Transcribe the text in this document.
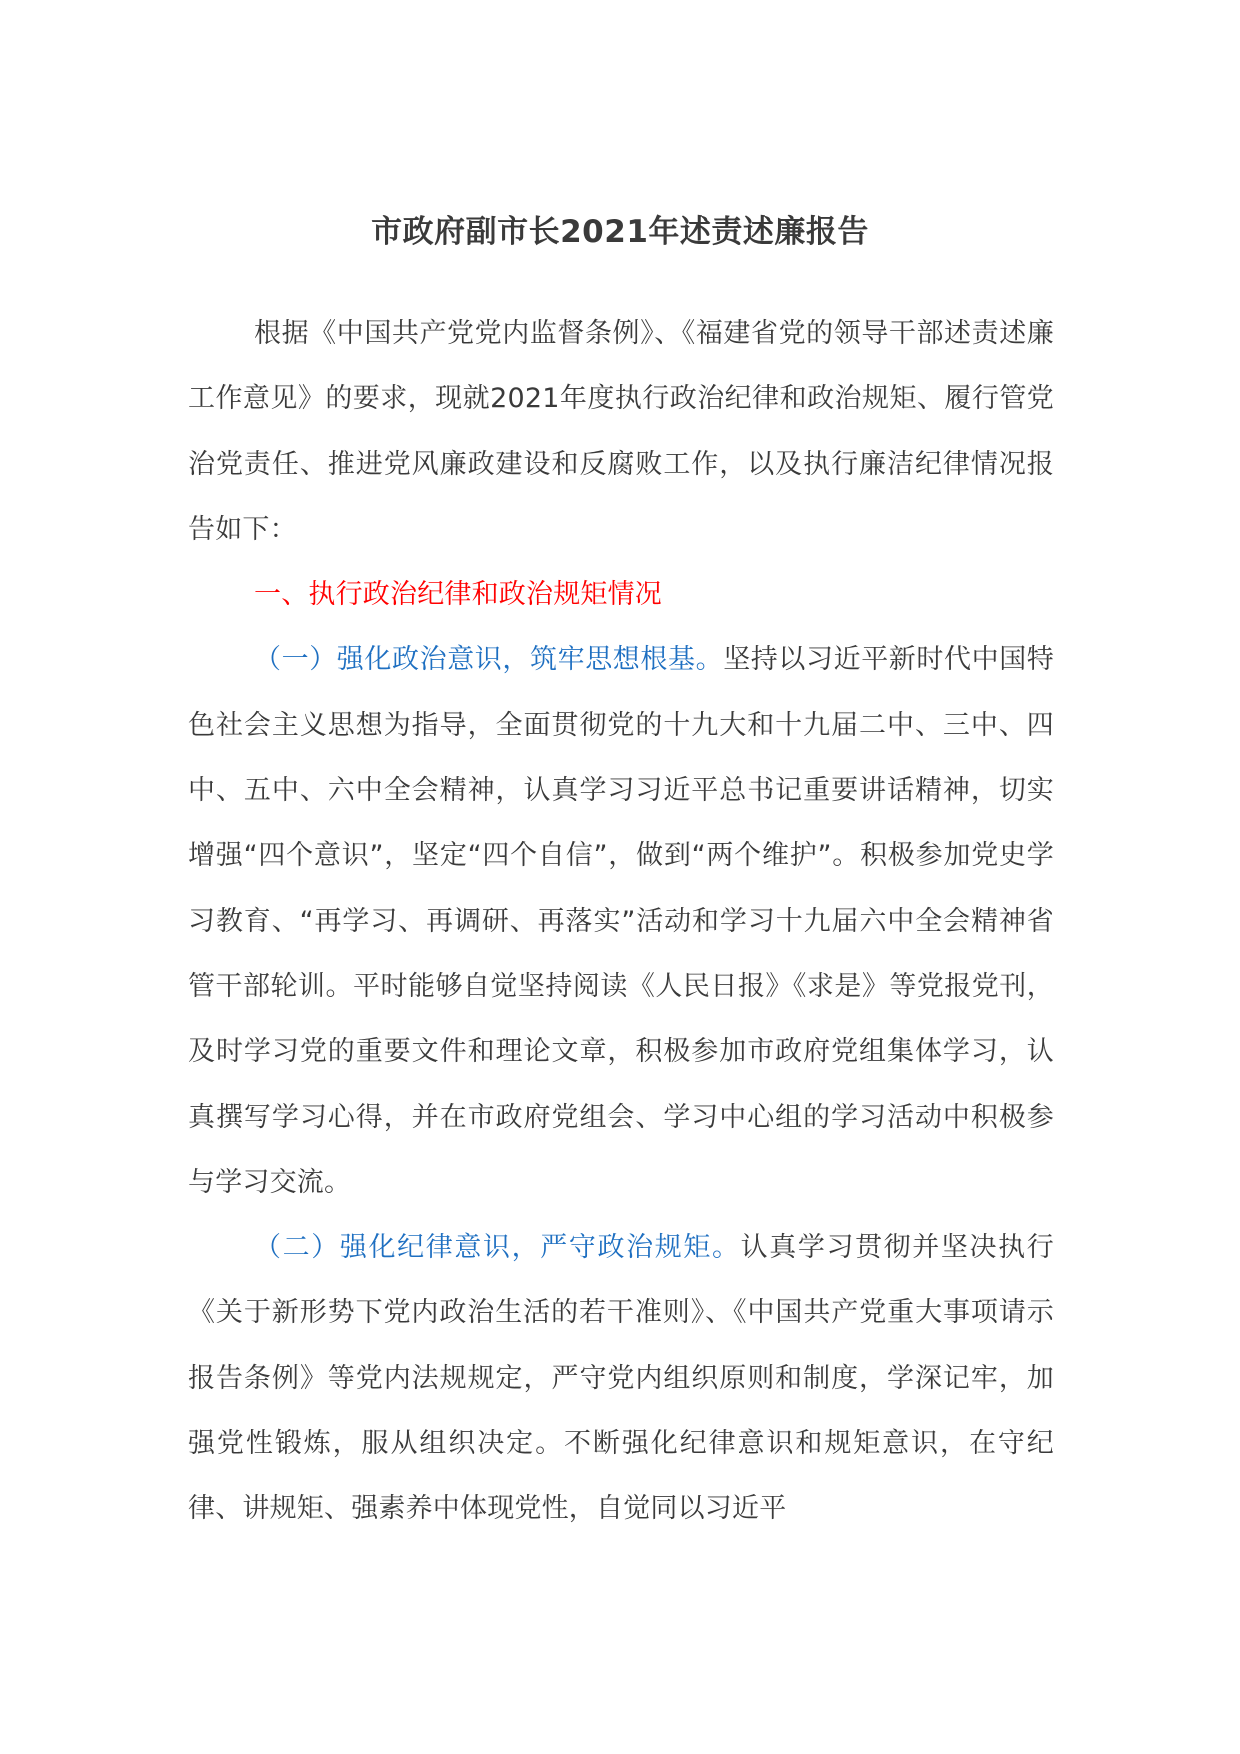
市政府副市长2021年述责述廉报告

根据《中国共产党党内监督条例》、《福建省党的领导干部述责述廉工作意见》的要求，现就2021年度执行政治纪律和政治规矩、履行管党治党责任、推进党风廉政建设和反腐败工作，以及执行廉洁纪律情况报告如下：

一、执行政治纪律和政治规矩情况

（一）强化政治意识，筑牢思想根基。坚持以习近平新时代中国特色社会主义思想为指导，全面贯彻党的十九大和十九届二中、三中、四中、五中、六中全会精神，认真学习习近平总书记重要讲话精神，切实增强“四个意识”，坚定“四个自信”，做到“两个维护”。积极参加党史学习教育、“再学习、再调研、再落实”活动和学习十九届六中全会精神省管干部轮训。平时能够自觉坚持阅读《人民日报》《求是》等党报党刊，及时学习党的重要文件和理论文章，积极参加市政府党组集体学习，认真撰写学习心得，并在市政府党组会、学习中心组的学习活动中积极参与学习交流。

（二）强化纪律意识，严守政治规矩。认真学习贯彻并坚决执行《关于新形势下党内政治生活的若干准则》、《中国共产党重大事项请示报告条例》等党内法规规定，严守党内组织原则和制度，学深记牢，加强党性锻炼，服从组织决定。不断强化纪律意识和规矩意识，在守纪律、讲规矩、强素养中体现党性，自觉同以习近平
